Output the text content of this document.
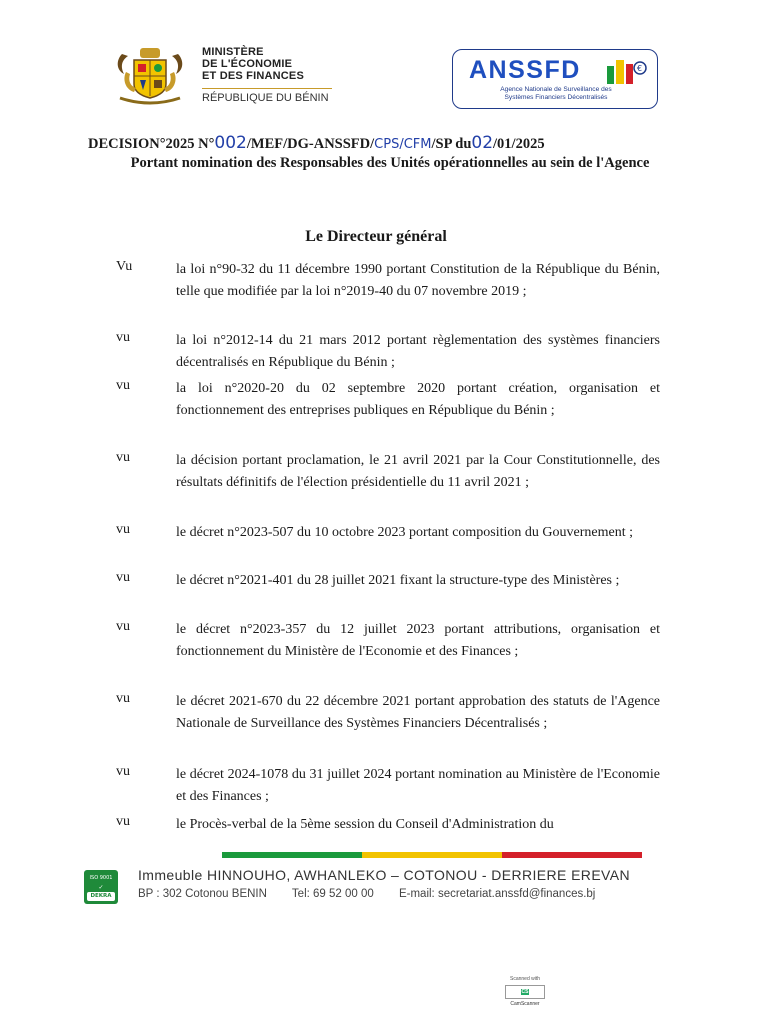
MINISTÈRE
DE L'ÉCONOMIE
ET DES FINANCES
RÉPUBLIQUE DU BÉNIN
ANSSFD	€
Agence Nationale de Surveillance des
Systèmes Financiers Décentralisés
DECISION°2025 N°002/MEF/DG-ANSSFD/CPS/CFM/SP du02/01/2025
Portant nomination des Responsables des Unités opérationnelles au sein de l'Agence
Le Directeur général
Vu	la loi n°90-32 du 11 décembre 1990 portant Constitution de la République du Bénin, telle que modifiée par la loi n°2019-40 du 07 novembre 2019 ;
vu	la loi n°2012-14 du 21 mars 2012 portant règlementation des systèmes financiers décentralisés en République du Bénin ;
vu	la loi n°2020-20 du 02 septembre 2020 portant création, organisation et fonctionnement des entreprises publiques en République du Bénin ;
vu	la décision portant proclamation, le 21 avril 2021 par la Cour Constitutionnelle, des résultats définitifs de l'élection présidentielle du 11 avril 2021 ;
vu	le décret n°2023-507 du 10 octobre 2023 portant composition du Gouvernement ;
vu	le décret n°2021-401 du 28 juillet 2021 fixant la structure-type des Ministères ;
vu	le décret n°2023-357 du 12 juillet 2023 portant attributions, organisation et fonctionnement du Ministère de l'Economie et des Finances ;
vu	le décret 2021-670 du 22 décembre 2021 portant approbation des statuts de l'Agence Nationale de Surveillance des Systèmes Financiers Décentralisés ;
vu	le décret 2024-1078 du 31 juillet 2024 portant nomination au Ministère de l'Economie et des Finances ;
vu	le Procès-verbal de la 5ème session du Conseil d'Administration du
ISO 9001
✓
DEKRA
Immeuble HINNOUHO, AWHANLEKO – COTONOU - DERRIERE EREVAN
BP : 302 Cotonou BENIN Tel: 69 52 00 00 E-mail: secretariat.anssfd@finances.bj
Scanned with
CS CamScanner
